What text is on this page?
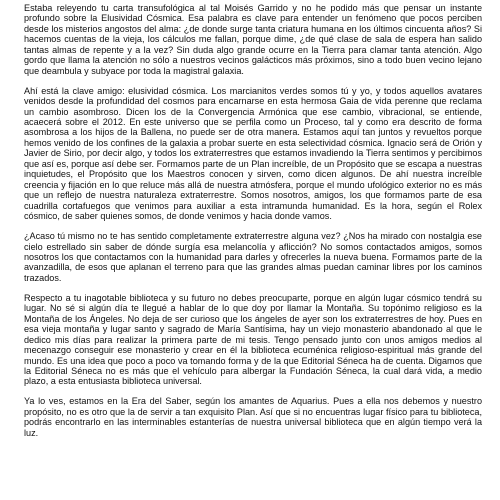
Estaba releyendo tu carta transufológica al tal Moisés Garrido y no he podido más que pensar un instante profundo sobre la Elusividad Cósmica. Esa palabra es clave para entender un fenómeno que pocos perciben desde los misterios angostos del alma: ¿de donde surge tanta criatura humana en los últimos cincuenta años? Si hacemos cuentas de la vieja, los cálculos me fallan, porque dime, ¿de qué clase de sala de espera han salido tantas almas de repente y a la vez? Sin duda algo grande ocurre en la Tierra para clamar tanta atención. Algo gordo que llama la atención no sólo a nuestros vecinos galácticos más próximos, sino a todo buen vecino lejano que deambula y subyace por toda la magistral galaxia.

Ahí está la clave amigo: elusividad cósmica. Los marcianitos verdes somos tú y yo, y todos aquellos avatares venidos desde la profundidad del cosmos para encarnarse en esta hermosa Gaia de vida perenne que reclama un cambio asombroso. Dicen los de la Convergencia Armónica que ese cambio, vibracional, se entiende, acaecerá sobre el 2012. En este universo que se perfila como un Proceso, tal y como era descrito de forma asombrosa a los hijos de la Ballena, no puede ser de otra manera. Estamos aquí tan juntos y revueltos porque hemos venido de los confines de la galaxia a probar suerte en esta selectividad cósmica. Ignacio será de Orión y Javier de Sirio, por decir algo, y todos los extraterrestres que estamos invadiendo la Tierra sentimos y percibimos que así es, porque así debe ser. Formamos parte de un Plan increíble, de un Propósito que se escapa a nuestras inquietudes, el Propósito que los Maestros conocen y sirven, como dicen algunos. De ahí nuestra increíble creencia y fijación en lo que reluce más allá de nuestra atmósfera, porque el mundo ufológico exterior no es más que un reflejo de nuestra naturaleza extraterrestre. Somos nosotros, amigos, los que formamos parte de esa cuadrilla cortafuegos que venimos para auxiliar a esta intramunda humanidad. Es la hora, según el Rolex cósmico, de saber quienes somos, de donde venimos y hacia donde vamos.

¿Acaso tú mismo no te has sentido completamente extraterrestre alguna vez? ¿Nos ha mirado con nostalgia ese cielo estrellado sin saber de dónde surgía esa melancolía y aflicción? No somos contactados amigos, somos nosotros los que contactamos con la humanidad para darles y ofrecerles la nueva buena. Formamos parte de la avanzadilla, de esos que aplanan el terreno para que las grandes almas puedan caminar libres por los caminos trazados.

Respecto a tu inagotable biblioteca y su futuro no debes preocuparte, porque en algún lugar cósmico tendrá su lugar. No sé si algún día te llegué a hablar de lo que doy por llamar la Montaña. Su topónimo religioso es la Montaña de los Ángeles. No deja de ser curioso que los ángeles de ayer son los extraterrestres de hoy. Pues en esa vieja montaña y lugar santo y sagrado de María Santísima, hay un viejo monasterio abandonado al que le dedico mis días para realizar la primera parte de mi tesis. Tengo pensado junto con unos amigos medios al mecenazgo conseguir ese monasterio y crear en él la biblioteca ecuménica religioso-espiritual más grande del mundo. Es una idea que poco a poco va tomando forma y de la que Editorial Séneca ha de cuenta. Digamos que la Editorial Séneca no es más que el vehículo para albergar la Fundación Séneca, la cual dará vida, a medio plazo, a esta entusiasta biblioteca universal.

Ya lo ves, estamos en la Era del Saber, según los amantes de Aquarius. Pues a ella nos debemos y nuestro propósito, no es otro que la de servir a tan exquisito Plan. Así que si no encuentras lugar físico para tu biblioteca, podrás encontrarlo en las interminables estanterías de nuestra universal biblioteca que en algún tiempo verá la luz.
